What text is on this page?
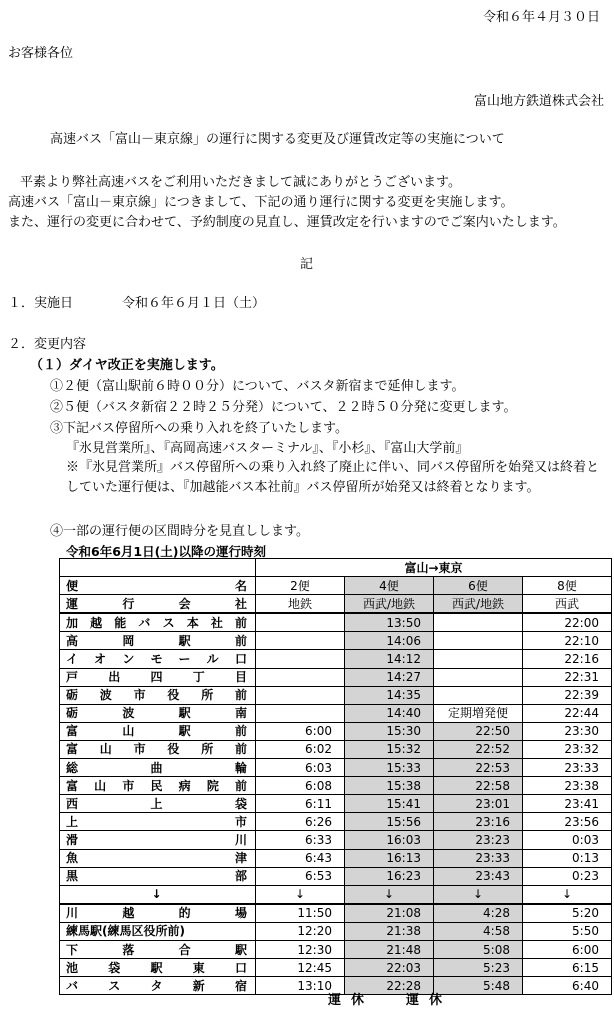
令和６年４月３０日
お客様各位
富山地方鉄道株式会社
高速バス「富山－東京線」の運行に関する変更及び運賃改定等の実施について
平素より弊社高速バスをご利用いただきまして誠にありがとうございます。
高速バス「富山－東京線」につきまして、下記の通り運行に関する変更を実施します。
また、運行の変更に合わせて、予約制度の見直し、運賃改定を行いますのでご案内いたします。
記
１．実施日	令和６年６月１日（土）
２．変更内容
（１）ダイヤ改正を実施します。
①２便（富山駅前６時００分）について、バスタ新宿まで延伸します。
②５便（バスタ新宿２２時２５分発）について、２２時５０分発に変更します。
③下記バス停留所への乗り入れを終了いたします。
『氷見営業所』、『高岡高速バスターミナル』、『小杉』、『富山大学前』
※『氷見営業所』バス停留所への乗り入れ終了廃止に伴い、同バス停留所を始発又は終着としていた運行便は、『加越能バス本社前』バス停留所が始発又は終着となります。
④一部の運行便の区間時分を見直しします。
令和6年6月1日(土)以降の運行時刻
	富山→東京			
便 名	2便	4便	6便	8便
運行会社	地鉄	西武/地鉄	西武/地鉄	西武
加越能バス本社前		13:50		22:00
高岡駅前		14:06		22:10
イオンモール口		14:12		22:16
戸出四丁目		14:27		22:31
砺波市役所前		14:35		22:39
砺波駅南		14:40	定期増発便	22:44
富山駅前	6:00	15:30	22:50	23:30
富山市役所前	6:02	15:32	22:52	23:32
総曲輪	6:03	15:33	22:53	23:33
富山市民病院前	6:08	15:38	22:58	23:38
西上袋	6:11	15:41	23:01	23:41
上市	6:26	15:56	23:16	23:56
滑川	6:33	16:03	23:23	0:03
魚津	6:43	16:13	23:33	0:13
黒部	6:53	16:23	23:43	0:23
↓	↓	↓	↓	↓
川越的場	11:50	21:08	4:28	5:20
練馬駅(練馬区役所前)	12:20	21:38	4:58	5:50
下落合駅	12:30	21:48	5:08	6:00
池袋駅東口	12:45	22:03	5:23	6:15
バスタ新宿	13:10	22:28	5:48	6:40
運休 運休
